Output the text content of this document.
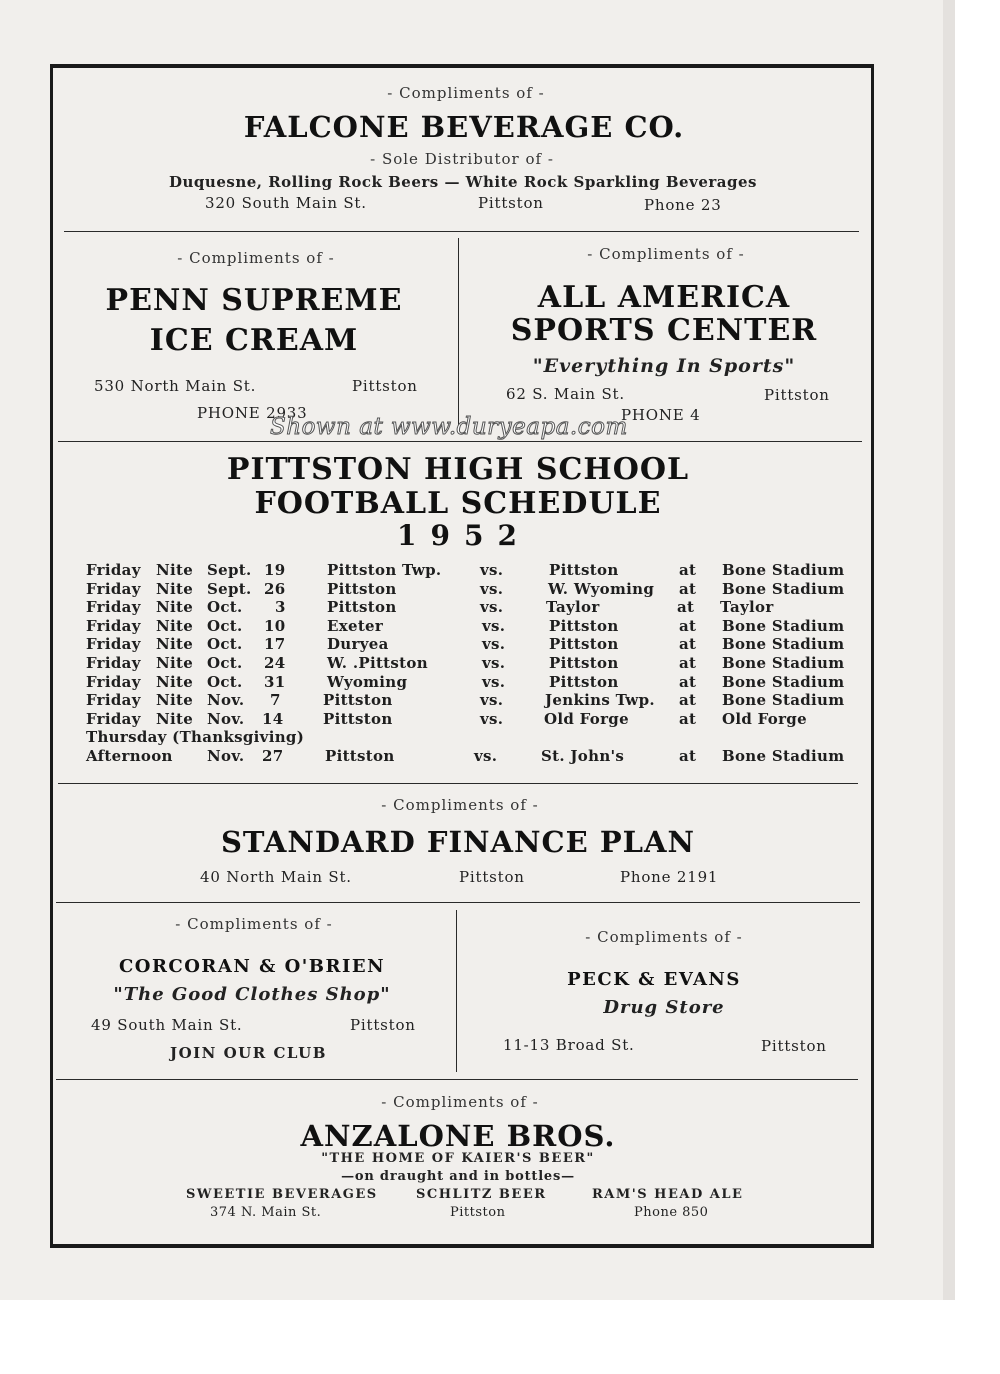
- Compliments of -
FALCONE BEVERAGE CO.
- Sole Distributor of -
Duquesne, Rolling Rock Beers — White Rock Sparkling Beverages
320 South Main St.	Pittston	Phone 23
- Compliments of -
PENN SUPREME
ICE CREAM
530 North Main St.	Pittston
PHONE 2933
- Compliments of -
ALL AMERICA
SPORTS CENTER
"Everything In Sports"
62 S. Main St.	Pittston
PHONE 4
Shown at www.duryeapa.com
PITTSTON HIGH SCHOOL
FOOTBALL SCHEDULE
1952
Friday Nite Sept. 19	Pittston Twp.	vs.	Pittston	at Bone Stadium
Friday Nite Sept. 26	Pittston	vs.	W. Wyoming at Bone Stadium
Friday Nite Oct. 3	Pittston	vs.	Taylor	at Taylor
Friday Nite Oct. 10	Exeter	vs.	Pittston	at Bone Stadium
Friday Nite Oct. 17	Duryea	vs.	Pittston	at Bone Stadium
Friday Nite Oct. 24	W. .Pittston	vs.	Pittston	at Bone Stadium
Friday Nite Oct. 31	Wyoming	vs.	Pittston	at Bone Stadium
Friday Nite Nov. 7	Pittston	vs.	Jenkins Twp. at Bone Stadium
Friday Nite Nov. 14	Pittston	vs.	Old Forge	at Old Forge
Thursday (Thanksgiving)
Afternoon Nov. 27	Pittston	vs.	St. John's	at Bone Stadium
- Compliments of -
STANDARD FINANCE PLAN
40 North Main St.	Pittston	Phone 2191
- Compliments of -
CORCORAN & O'BRIEN
"The Good Clothes Shop"
49 South Main St.	Pittston
JOIN OUR CLUB
- Compliments of -
PECK & EVANS
Drug Store
11-13 Broad St.	Pittston
- Compliments of -
ANZALONE BROS.
"THE HOME OF KAIER'S BEER"
—on draught and in bottles—
SWEETIE BEVERAGES	SCHLITZ BEER	RAM'S HEAD ALE
374 N. Main St.	Pittston	Phone 850
